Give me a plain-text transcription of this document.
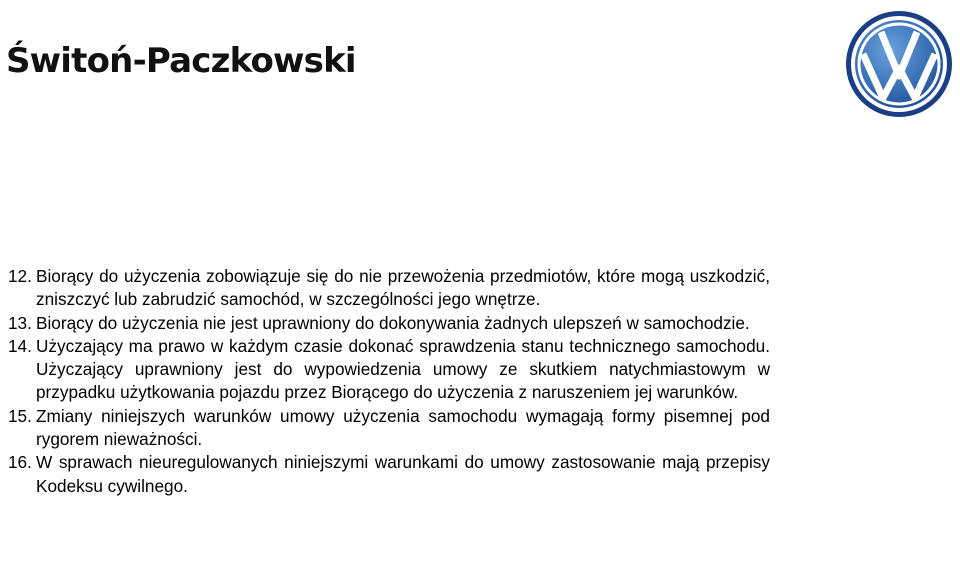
Świtoń-Paczkowski
12. Biorący do użyczenia zobowiązuje się do nie przewożenia przedmiotów, które mogą uszkodzić, zniszczyć lub zabrudzić samochód, w szczególności jego wnętrze.
13. Biorący do użyczenia nie jest uprawniony do dokonywania żadnych ulepszeń w samochodzie.
14. Użyczający ma prawo w każdym czasie dokonać sprawdzenia stanu technicznego samochodu. Użyczający uprawniony jest do wypowiedzenia umowy ze skutkiem natychmiastowym w przypadku użytkowania pojazdu przez Biorącego do użyczenia z naruszeniem jej warunków.
15. Zmiany niniejszych warunków umowy użyczenia samochodu wymagają formy pisemnej pod rygorem nieważności.
16. W sprawach nieuregulowanych niniejszymi warunkami do umowy zastosowanie mają przepisy Kodeksu cywilnego.
